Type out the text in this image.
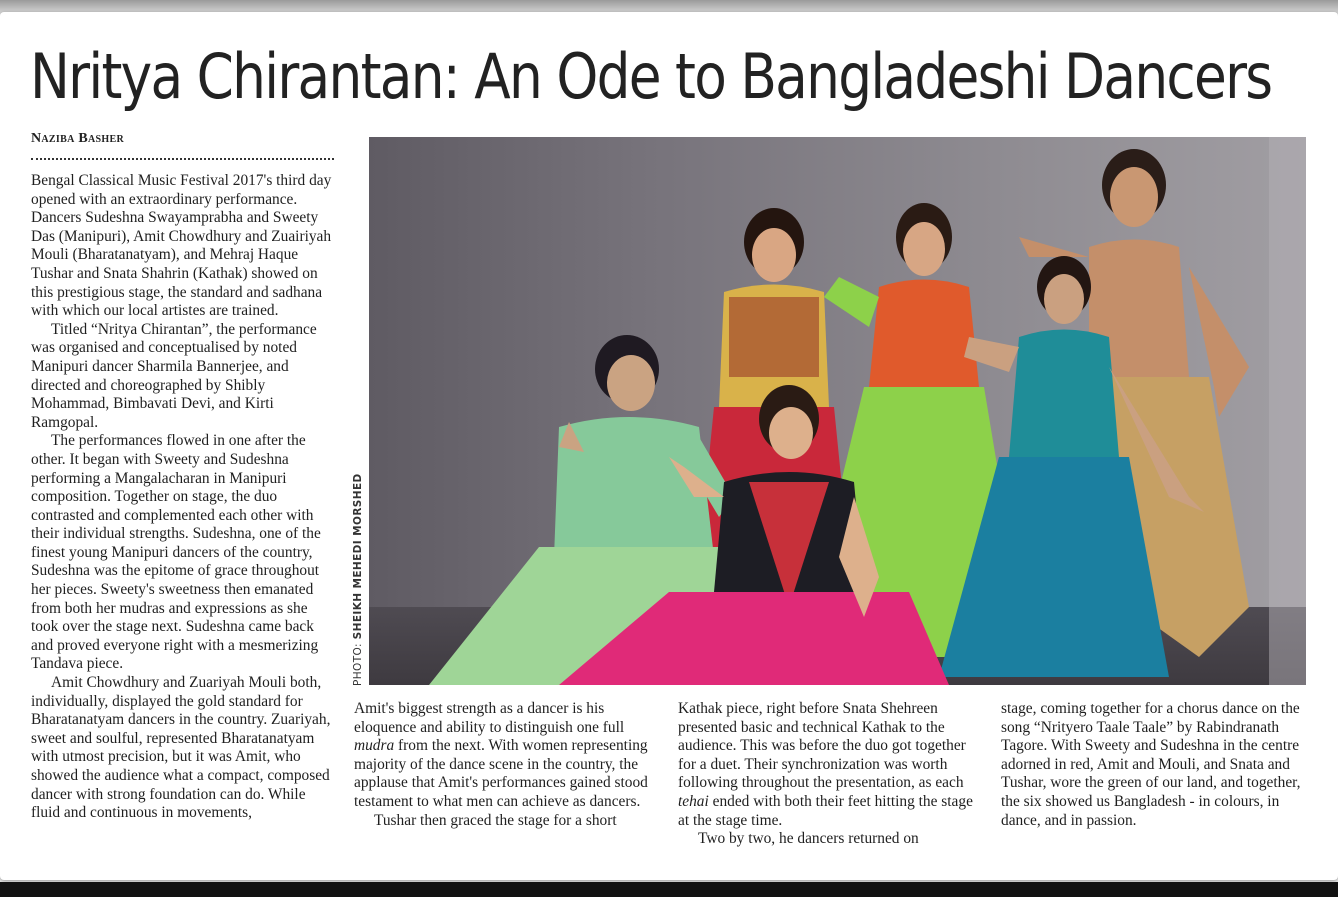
Nritya Chirantan: An Ode to Bangladeshi Dancers
Naziba Basher

Bengal Classical Music Festival 2017's third day opened with an extraordinary performance. Dancers Sudeshna Swayamprabha and Sweety Das (Manipuri), Amit Chowdhury and Zuairiyah Mouli (Bharatanatyam), and Mehraj Haque Tushar and Snata Shahrin (Kathak) showed on this prestigious stage, the standard and sadhana with which our local artistes are trained.

Titled “Nritya Chirantan”, the performance was organised and conceptualised by noted Manipuri dancer Sharmila Bannerjee, and directed and choreographed by Shibly Mohammad, Bimbavati Devi, and Kirti Ramgopal.

The performances flowed in one after the other. It began with Sweety and Sudeshna performing a Mangalacharan in Manipuri composition. Together on stage, the duo contrasted and complemented each other with their individual strengths. Sudeshna, one of the finest young Manipuri dancers of the country, Sudeshna was the epitome of grace throughout her pieces. Sweety's sweetness then emanated from both her mudras and expressions as she took over the stage next. Sudeshna came back and proved everyone right with a mesmerizing Tandava piece.

Amit Chowdhury and Zuariyah Mouli both, individually, displayed the gold standard for Bharatanatyam dancers in the country. Zuariyah, sweet and soulful, represented Bharatanatyam with utmost precision, but it was Amit, who showed the audience what a compact, composed dancer with strong foundation can do. While fluid and continuous in movements,

PHOTO: SHEIKH MEHEDI MORSHED

Amit's biggest strength as a dancer is his eloquence and ability to distinguish one full mudra from the next. With women representing majority of the dance scene in the country, the applause that Amit's performances gained stood testament to what men can achieve as dancers.

Tushar then graced the stage for a short

Kathak piece, right before Snata Shehreen presented basic and technical Kathak to the audience. This was before the duo got together for a duet. Their synchronization was worth following throughout the presentation, as each tehai ended with both their feet hitting the stage at the stage time.

Two by two, he dancers returned on

stage, coming together for a chorus dance on the song “Nrityero Taale Taale” by Rabindranath Tagore. With Sweety and Sudeshna in the centre adorned in red, Amit and Mouli, and Snata and Tushar, wore the green of our land, and together, the six showed us Bangladesh - in colours, in dance, and in passion.
